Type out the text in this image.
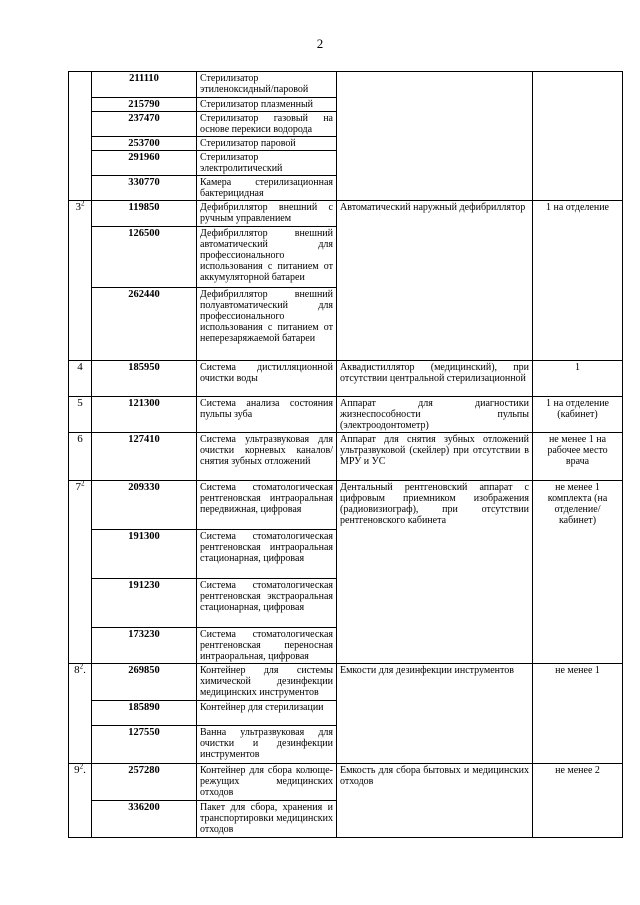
2
	211110	Стерилизатор этиленоксидный/паровой		
	215790	Стерилизатор плазменный		
	237470	Стерилизатор газовый на основе перекиси водорода		
	253700	Стерилизатор паровой		
	291960	Стерилизатор электролитический		
	330770	Камера стерилизационная бактерицидная		
$3^2$	119850	Дефибриллятор внешний с ручным управлением	Автоматический наружный дефибриллятор	1 на отделение
	126500	Дефибриллятор внешний автоматический для профессионального использования с питанием от аккумуляторной батареи		
	262440	Дефибриллятор внешний полуавтоматический для профессионального использования с питанием от неперезаряжаемой батареи		
4	185950	Система дистилляционной очистки воды	Аквадистиллятор (медицинский), при отсутствии центральной стерилизационной	1
5	121300	Система анализа состояния пульпы зуба	Аппарат для диагностики жизнеспособности пульпы (электроодонтометр)	1 на отделение (кабинет)
6	127410	Система ультразвуковая для очистки корневых каналов/снятия зубных отложений	Аппарат для снятия зубных отложений ультразвуковой (скейлер) при отсутствии в МРУ и УС	не менее 1 на рабочее место врача
$7^2$	209330	Система стоматологическая рентгеновская интраоральная передвижная, цифровая	Дентальный рентгеновский аппарат с цифровым приемником изображения (радиовизиограф), при отсутствии рентгеновского кабинета	не менее 1 комплекта (на отделение/кабинет)
	191300	Система стоматологическая рентгеновская интраоральная стационарная, цифровая		
	191230	Система стоматологическая рентгеновская экстраоральная стационарная, цифровая		
	173230	Система стоматологическая рентгеновская переносная интраоральная, цифровая		
$8^2$.	269850	Контейнер для системы химической дезинфекции медицинских инструментов	Емкости для дезинфекции инструментов	не менее 1
	185890	Контейнер для стерилизации		
	127550	Ванна ультразвуковая для очистки и дезинфекции инструментов		
$9^2$.	257280	Контейнер для сбора колюще-режущих медицинских отходов	Емкость для сбора бытовых и медицинских отходов	не менее 2
	336200	Пакет для сбора, хранения и транспортировки медицинских отходов		
